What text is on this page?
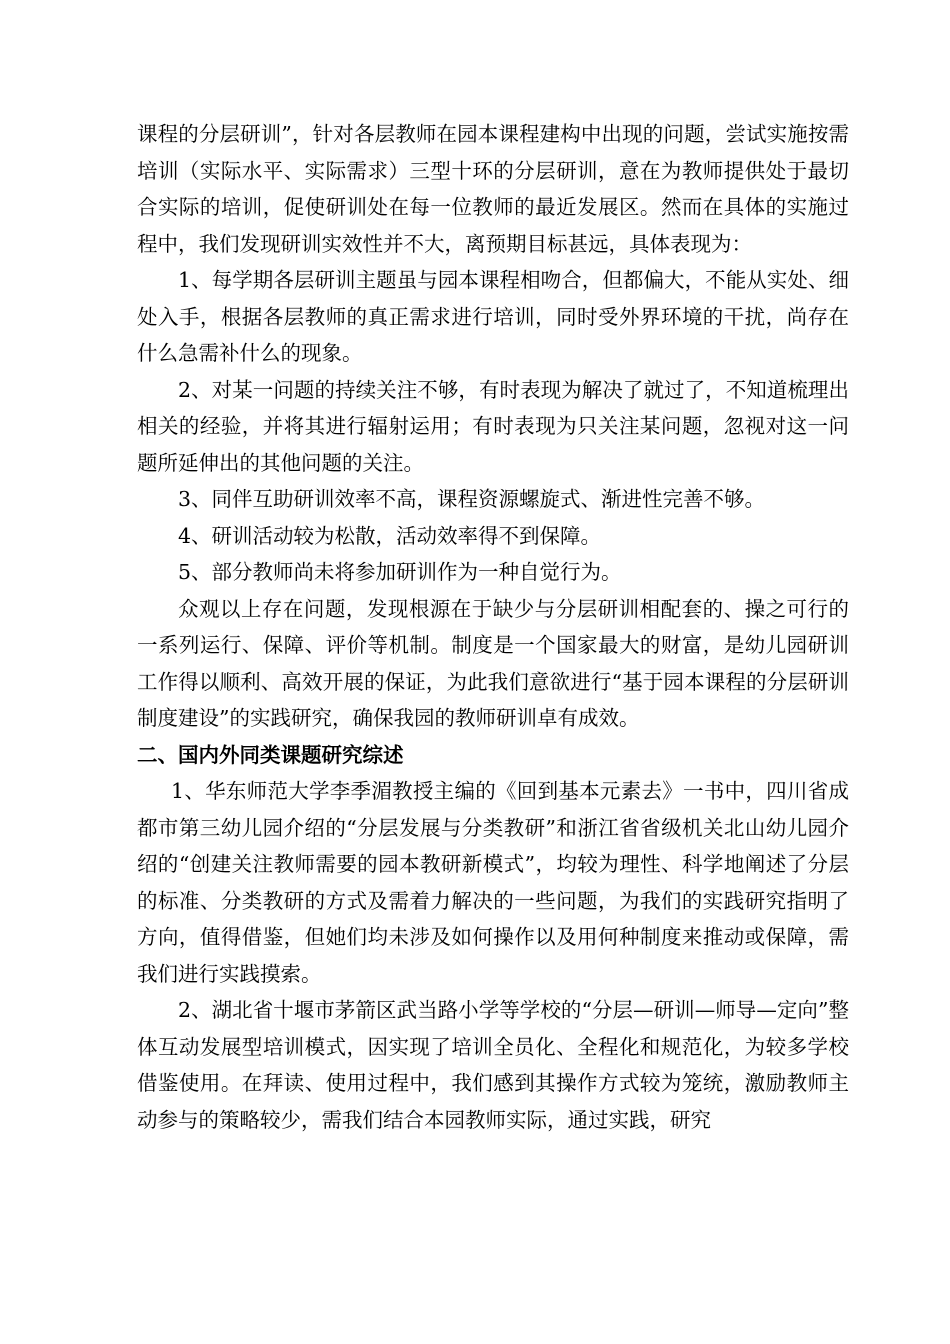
课程的分层研训”，针对各层教师在园本课程建构中出现的问题，尝试实施按需培训（实际水平、实际需求）三型十环的分层研训，意在为教师提供处于最切合实际的培训，促使研训处在每一位教师的最近发展区。然而在具体的实施过程中，我们发现研训实效性并不大，离预期目标甚远，具体表现为：

1、每学期各层研训主题虽与园本课程相吻合，但都偏大，不能从实处、细处入手，根据各层教师的真正需求进行培训，同时受外界环境的干扰，尚存在什么急需补什么的现象。

2、对某一问题的持续关注不够，有时表现为解决了就过了，不知道梳理出相关的经验，并将其进行辐射运用；有时表现为只关注某问题，忽视对这一问题所延伸出的其他问题的关注。

3、同伴互助研训效率不高，课程资源螺旋式、渐进性完善不够。

4、研训活动较为松散，活动效率得不到保障。

5、部分教师尚未将参加研训作为一种自觉行为。

众观以上存在问题，发现根源在于缺少与分层研训相配套的、操之可行的一系列运行、保障、评价等机制。制度是一个国家最大的财富，是幼儿园研训工作得以顺利、高效开展的保证，为此我们意欲进行“基于园本课程的分层研训制度建设”的实践研究，确保我园的教师研训卓有成效。

二、国内外同类课题研究综述

1、华东师范大学李季湄教授主编的《回到基本元素去》一书中，四川省成都市第三幼儿园介绍的“分层发展与分类教研”和浙江省省级机关北山幼儿园介绍的“创建关注教师需要的园本教研新模式”，均较为理性、科学地阐述了分层的标准、分类教研的方式及需着力解决的一些问题，为我们的实践研究指明了方向，值得借鉴，但她们均未涉及如何操作以及用何种制度来推动或保障，需我们进行实践摸索。

2、湖北省十堰市茅箭区武当路小学等学校的“分层—研训—师导—定向”整体互动发展型培训模式，因实现了培训全员化、全程化和规范化，为较多学校借鉴使用。在拜读、使用过程中，我们感到其操作方式较为笼统，激励教师主动参与的策略较少，需我们结合本园教师实际，通过实践，研究
